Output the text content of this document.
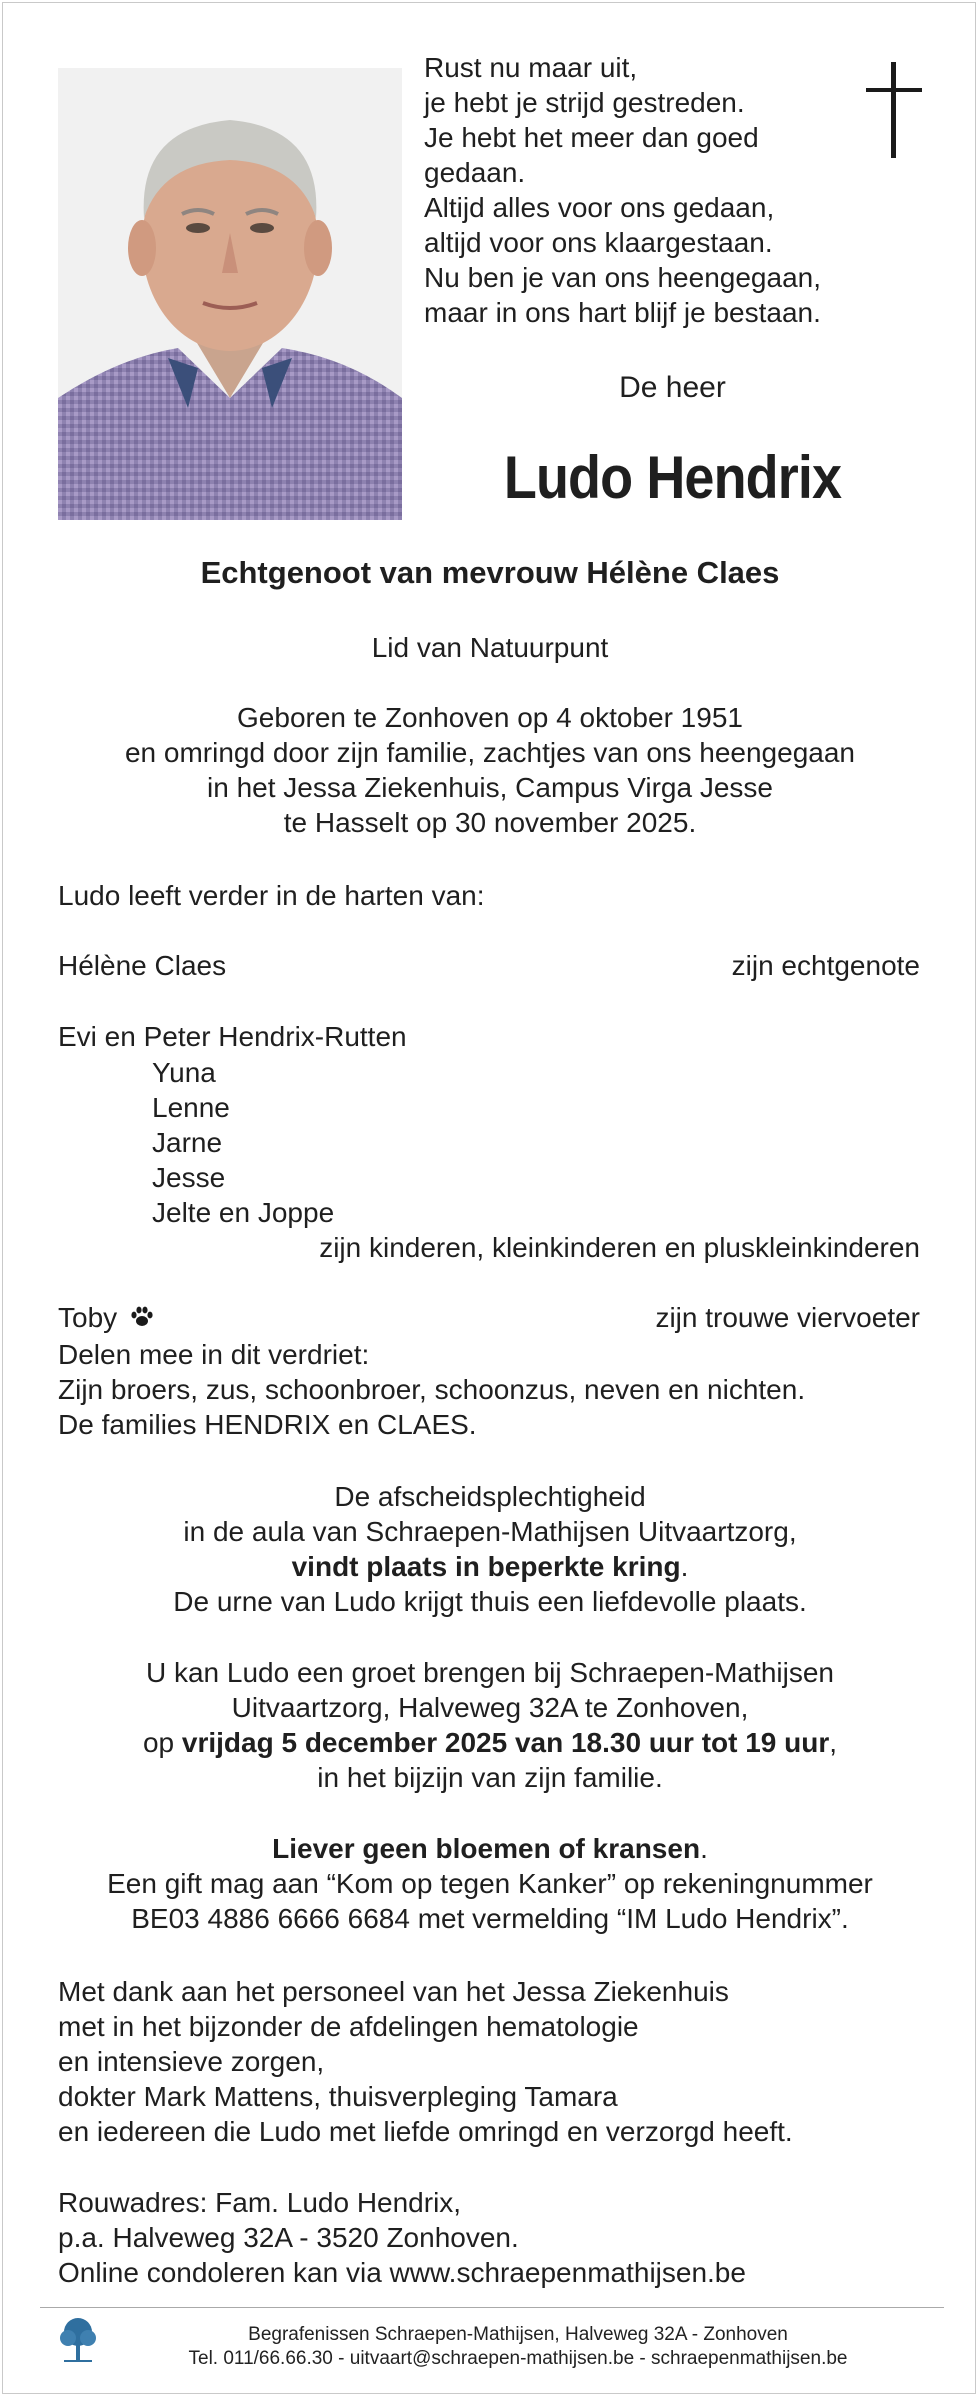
Rust nu maar uit,
je hebt je strijd gestreden.
Je hebt het meer dan goed
gedaan.
Altijd alles voor ons gedaan,
altijd voor ons klaargestaan.
Nu ben je van ons heengegaan,
maar in ons hart blijf je bestaan.
De heer
Ludo Hendrix
Echtgenoot van mevrouw Hélène Claes
Lid van Natuurpunt
Geboren te Zonhoven op 4 oktober 1951
en omringd door zijn familie, zachtjes van ons heengegaan
in het Jessa Ziekenhuis, Campus Virga Jesse
te Hasselt op 30 november 2025.
Ludo leeft verder in de harten van:
Hélène Claes	zijn echtgenote
Evi en Peter Hendrix-Rutten
Yuna
Lenne
Jarne
Jesse
Jelte en Joppe
zijn kinderen, kleinkinderen en pluskleinkinderen
Toby	zijn trouwe viervoeter
Delen mee in dit verdriet:
Zijn broers, zus, schoonbroer, schoonzus, neven en nichten.
De families HENDRIX en CLAES.
De afscheidsplechtigheid
in de aula van Schraepen-Mathijsen Uitvaartzorg,
vindt plaats in beperkte kring.
De urne van Ludo krijgt thuis een liefdevolle plaats.
U kan Ludo een groet brengen bij Schraepen-Mathijsen
Uitvaartzorg, Halveweg 32A te Zonhoven,
op vrijdag 5 december 2025 van 18.30 uur tot 19 uur,
in het bijzijn van zijn familie.
Liever geen bloemen of kransen.
Een gift mag aan “Kom op tegen Kanker” op rekeningnummer
BE03 4886 6666 6684 met vermelding “IM Ludo Hendrix”.
Met dank aan het personeel van het Jessa Ziekenhuis
met in het bijzonder de afdelingen hematologie
en intensieve zorgen,
dokter Mark Mattens, thuisverpleging Tamara
en iedereen die Ludo met liefde omringd en verzorgd heeft.
Rouwadres: Fam. Ludo Hendrix,
p.a. Halveweg 32A - 3520 Zonhoven.
Online condoleren kan via www.schraepenmathijsen.be
Begrafenissen Schraepen-Mathijsen, Halveweg 32A - Zonhoven
Tel. 011/66.66.30 - uitvaart@schraepen-mathijsen.be - schraepenmathijsen.be
